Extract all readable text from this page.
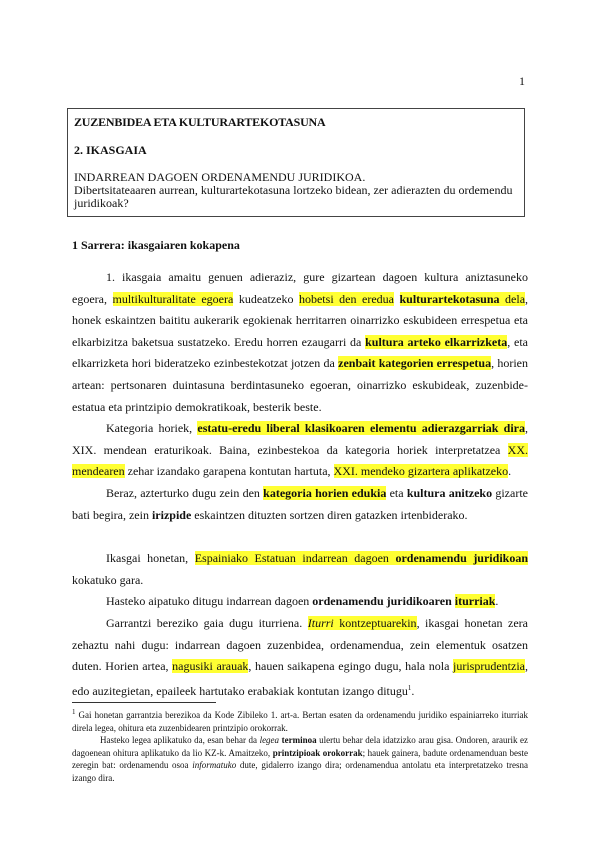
1
ZUZENBIDEA ETA KULTURARTEKOTASUNA
2. IKASGAIA
INDARREAN DAGOEN ORDENAMENDU JURIDIKOA.
Dibertsitateaaren aurrean, kulturartekotasuna lortzeko bidean, zer adierazten du ordemendu juridikoak?
1 Sarrera: ikasgaiaren kokapena

1. ikasgaia amaitu genuen adieraziz, gure gizartean dagoen kultura aniztasuneko egoera, multikulturalitate egoera kudeatzeko hobetsi den eredua kulturartekotasuna dela, honek eskaintzen baititu aukerarik egokienak herritarren oinarrizko eskubideen errespetua eta elkarbizitza baketsua sustatzeko. Eredu horren ezaugarri da kultura arteko elkarrizketa, eta elkarrizketa hori bideratzeko ezinbestekotzat jotzen da zenbait kategorien errespetua, horien artean: pertsonaren duintasuna berdintasuneko egoeran, oinarrizko eskubideak, zuzenbide-estatua eta printzipio demokratikoak, besterik beste.

Kategoria horiek, estatu-eredu liberal klasikoaren elementu adierazgarriak dira, XIX. mendean eraturikoak. Baina, ezinbestekoa da kategoria horiek interpretatzea XX. mendearen zehar izandako garapena kontutan hartuta, XXI. mendeko gizartera aplikatzeko.

Beraz, azterturko dugu zein den kategoria horien edukia eta kultura anitzeko gizarte bati begira, zein irizpide eskaintzen dituzten sortzen diren gatazken irtenbiderako.

Ikasgai honetan, Espainiako Estatuan indarrean dagoen ordenamendu juridikoan kokatuko gara.

Hasteko aipatuko ditugu indarrean dagoen ordenamendu juridikoaren iturriak.

Garrantzi bereziko gaia dugu iturriena. Iturri kontzeptuarekin, ikasgai honetan zera zehaztu nahi dugu: indarrean dagoen zuzenbidea, ordenamendua, zein elementuk osatzen duten. Horien artea, nagusiki arauak, hauen saikapena egingo dugu, hala nola jurisprudentzia, edo auzitegietan, epaileek hartutako erabakiak kontutan izango ditugu$^1$.

$^1$ Gai honetan garrantzia berezikoa da Kode Zibileko 1. art-a. Bertan esaten da ordenamendu juridiko espainiarreko iturriak direla legea, ohitura eta zuzenbidearen printzipio orokorrak.

Hasteko legea aplikatuko da, esan behar da legea terminoa ulertu behar dela idatzizko arau gisa. Ondoren, araurik ez dagoenean ohitura aplikatuko da lio KZ-k. Amaitzeko, printzipioak orokorrak; hauek gainera, badute ordenamenduan beste zeregin bat: ordenamendu osoa informatuko dute, gidalerro izango dira; ordenamendua antolatu eta interpretatzeko tresna izango dira.
